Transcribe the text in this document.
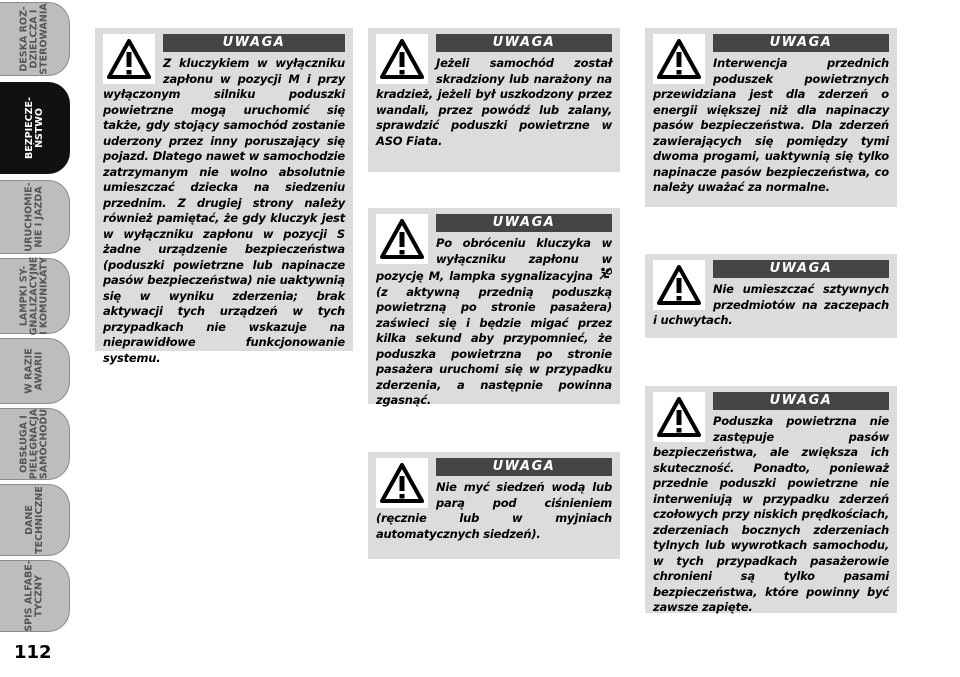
DESKA ROZ-
DZIELCZA I
STEROWANIA
BEZPIECZE-
ŃSTWO
URUCHOMIE-
NIE I JAZDA
LAMPKI SY-
GNALIZACYJNE
I KOMUNIKATY
W RAZIE
AWARII
OBSŁUGA I
PIELĘGNACJA
SAMOCHODU
DANE
TECHNICZNE
SPIS ALFABE-
TYCZNY
112
UWAGA

Z kluczykiem w wyłączniku zapłonu w pozycji M i przy wyłączonym silniku poduszki powietrzne mogą uruchomić się także, gdy stojący samochód zostanie uderzony przez inny poruszający się pojazd. Dlatego nawet w samochodzie zatrzymanym nie wolno absolutnie umieszczać dziecka na siedzeniu przednim. Z drugiej strony należy również pamiętać, że gdy kluczyk jest w wyłączniku zapłonu w pozycji S żadne urządzenie bezpieczeństwa (poduszki powietrzne lub napinacze pasów bezpieczeństwa) nie uaktywnią się w wyniku zderzenia; brak aktywacji tych urządzeń w tych przypadkach nie wskazuje na nieprawidłowe funkcjonowanie systemu.

UWAGA

Jeżeli samochód został skradziony lub narażony na kradzież, jeżeli był uszkodzony przez wandali, przez powódź lub zalany, sprawdzić poduszki powietrzne w ASO Fiata.

UWAGA

Po obróceniu kluczyka w wyłączniku zapłonu w pozycję M, lampka sygnalizacyjna  (z aktywną przednią poduszką powietrzną po stronie pasażera) zaświeci się i będzie migać przez kilka sekund aby przypomnieć, że poduszka powietrzna po stronie pasażera uruchomi się w przypadku zderzenia, a następnie powinna zgasnąć.

UWAGA

Nie myć siedzeń wodą lub parą pod ciśnieniem (ręcznie lub w myjniach automatycznych siedzeń).

UWAGA

Interwencja przednich poduszek powietrznych przewidziana jest dla zderzeń o energii większej niż dla napinaczy pasów bezpieczeństwa. Dla zderzeń zawierających się pomiędzy tymi dwoma progami, uaktywnią się tylko napinacze pasów bezpieczeństwa, co należy uważać za normalne.

UWAGA

Nie umieszczać sztywnych przedmiotów na zaczepach i uchwytach.

UWAGA

Poduszka powietrzna nie zastępuje pasów bezpieczeństwa, ale zwiększa ich skuteczność. Ponadto, ponieważ przednie poduszki powietrzne nie interweniują w przypadku zderzeń czołowych przy niskich prędkościach, zderzeniach bocznych zderzeniach tylnych lub wywrotkach samochodu, w tych przypadkach pasażerowie chronieni są tylko pasami bezpieczeństwa, które powinny być zawsze zapięte.
